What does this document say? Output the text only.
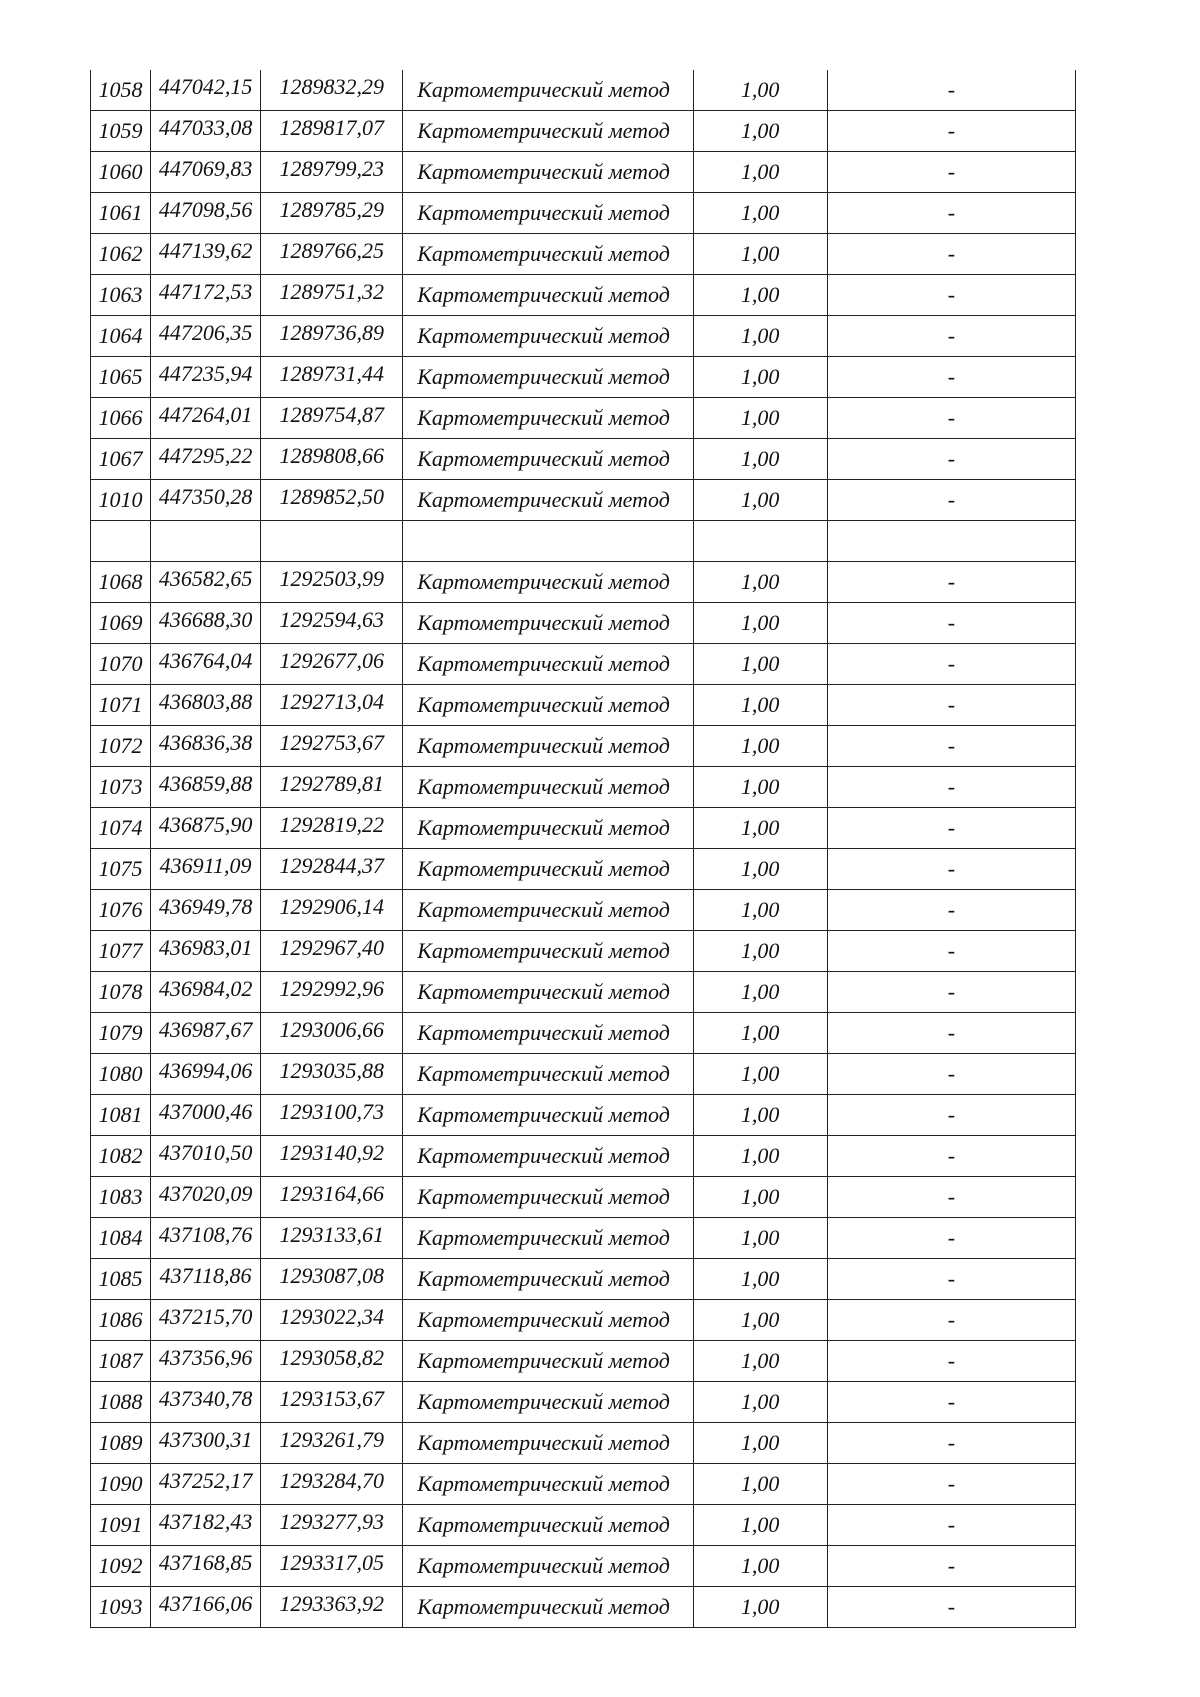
1058	447042,15	1289832,29	Картометрический метод	1,00	-
1059	447033,08	1289817,07	Картометрический метод	1,00	-
1060	447069,83	1289799,23	Картометрический метод	1,00	-
1061	447098,56	1289785,29	Картометрический метод	1,00	-
1062	447139,62	1289766,25	Картометрический метод	1,00	-
1063	447172,53	1289751,32	Картометрический метод	1,00	-
1064	447206,35	1289736,89	Картометрический метод	1,00	-
1065	447235,94	1289731,44	Картометрический метод	1,00	-
1066	447264,01	1289754,87	Картометрический метод	1,00	-
1067	447295,22	1289808,66	Картометрический метод	1,00	-
1010	447350,28	1289852,50	Картометрический метод	1,00	-

1068	436582,65	1292503,99	Картометрический метод	1,00	-
1069	436688,30	1292594,63	Картометрический метод	1,00	-
1070	436764,04	1292677,06	Картометрический метод	1,00	-
1071	436803,88	1292713,04	Картометрический метод	1,00	-
1072	436836,38	1292753,67	Картометрический метод	1,00	-
1073	436859,88	1292789,81	Картометрический метод	1,00	-
1074	436875,90	1292819,22	Картометрический метод	1,00	-
1075	436911,09	1292844,37	Картометрический метод	1,00	-
1076	436949,78	1292906,14	Картометрический метод	1,00	-
1077	436983,01	1292967,40	Картометрический метод	1,00	-
1078	436984,02	1292992,96	Картометрический метод	1,00	-
1079	436987,67	1293006,66	Картометрический метод	1,00	-
1080	436994,06	1293035,88	Картометрический метод	1,00	-
1081	437000,46	1293100,73	Картометрический метод	1,00	-
1082	437010,50	1293140,92	Картометрический метод	1,00	-
1083	437020,09	1293164,66	Картометрический метод	1,00	-
1084	437108,76	1293133,61	Картометрический метод	1,00	-
1085	437118,86	1293087,08	Картометрический метод	1,00	-
1086	437215,70	1293022,34	Картометрический метод	1,00	-
1087	437356,96	1293058,82	Картометрический метод	1,00	-
1088	437340,78	1293153,67	Картометрический метод	1,00	-
1089	437300,31	1293261,79	Картометрический метод	1,00	-
1090	437252,17	1293284,70	Картометрический метод	1,00	-
1091	437182,43	1293277,93	Картометрический метод	1,00	-
1092	437168,85	1293317,05	Картометрический метод	1,00	-
1093	437166,06	1293363,92	Картометрический метод	1,00	-
